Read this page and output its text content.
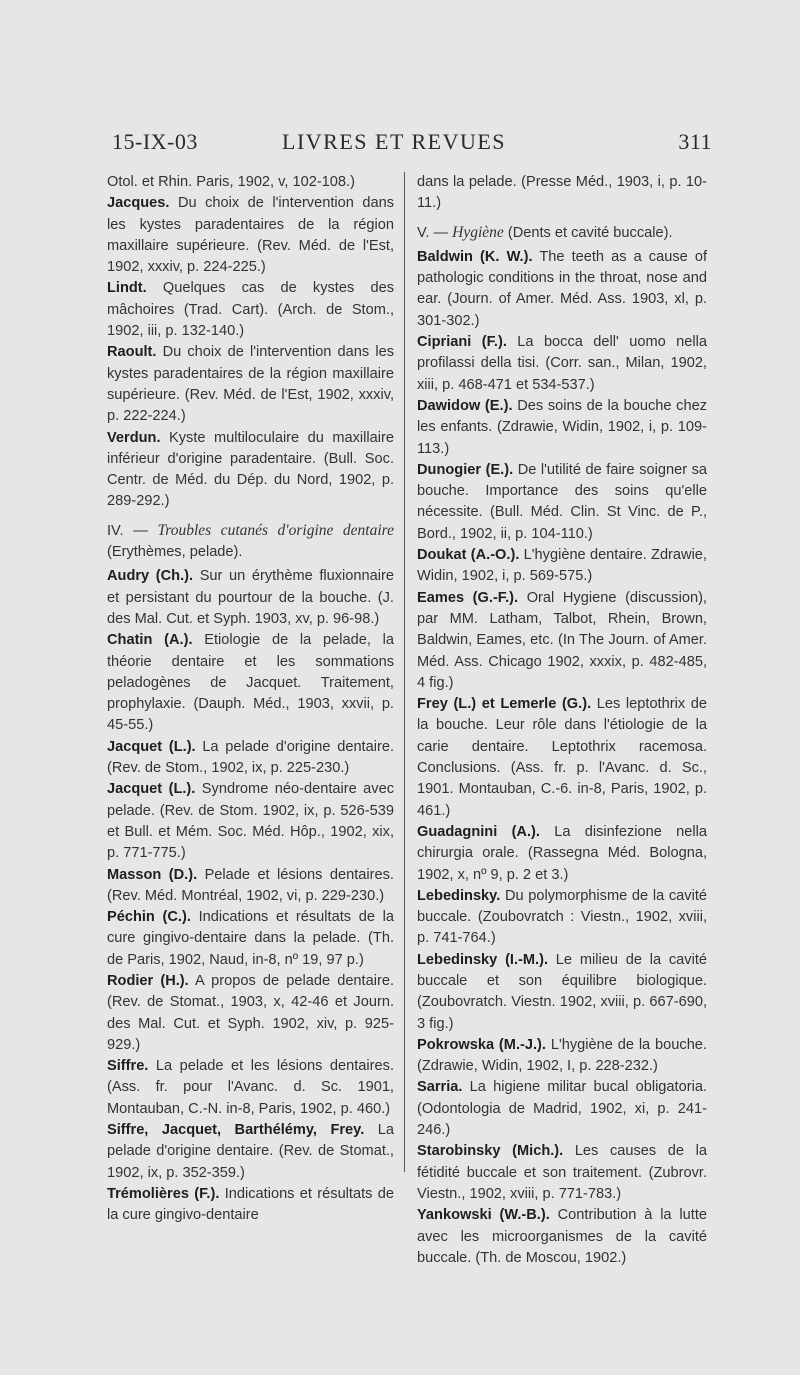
15-IX-03	LIVRES ET REVUES	311
Otol. et Rhin. Paris, 1902, v, 102-108.)
Jacques. Du choix de l'intervention dans les kystes paradentaires de la région maxillaire supérieure. (Rev. Méd. de l'Est, 1902, xxxiv, p. 224-225.)
Lindt. Quelques cas de kystes des mâchoires (Trad. Cart). (Arch. de Stom., 1902, iii, p. 132-140.)
Raoult. Du choix de l'intervention dans les kystes paradentaires de la région maxillaire supérieure. (Rev. Méd. de l'Est, 1902, xxxiv, p. 222-224.)
Verdun. Kyste multiloculaire du maxillaire inférieur d'origine paradentaire. (Bull. Soc. Centr. de Méd. du Dép. du Nord, 1902, p. 289-292.)
IV. — Troubles cutanés d'origine dentaire (Erythèmes, pelade).
Audry (Ch.). Sur un érythème fluxionnaire et persistant du pourtour de la bouche. (J. des Mal. Cut. et Syph. 1903, xv, p. 96-98.)
Chatin (A.). Etiologie de la pelade, la théorie dentaire et les sommations peladogènes de Jacquet. Traitement, prophylaxie. (Dauph. Méd., 1903, xxvii, p. 45-55.)
Jacquet (L.). La pelade d'origine dentaire. (Rev. de Stom., 1902, ix, p. 225-230.)
Jacquet (L.). Syndrome néo-dentaire avec pelade. (Rev. de Stom. 1902, ix, p. 526-539 et Bull. et Mém. Soc. Méd. Hôp., 1902, xix, p. 771-775.)
Masson (D.). Pelade et lésions dentaires. (Rev. Méd. Montréal, 1902, vi, p. 229-230.)
Péchin (C.). Indications et résultats de la cure gingivo-dentaire dans la pelade. (Th. de Paris, 1902, Naud, in-8, nº 19, 97 p.)
Rodier (H.). A propos de pelade dentaire. (Rev. de Stomat., 1903, x, 42-46 et Journ. des Mal. Cut. et Syph. 1902, xiv, p. 925-929.)
Siffre. La pelade et les lésions dentaires. (Ass. fr. pour l'Avanc. d. Sc. 1901, Montauban, C.-N. in-8, Paris, 1902, p. 460.)
Siffre, Jacquet, Barthélémy, Frey. La pelade d'origine dentaire. (Rev. de Stomat., 1902, ix, p. 352-359.)
Trémolières (F.). Indications et résultats de la cure gingivo-dentaire
dans la pelade. (Presse Méd., 1903, i, p. 10-11.)
V. — Hygiène (Dents et cavité buccale).
Baldwin (K. W.). The teeth as a cause of pathologic conditions in the throat, nose and ear. (Journ. of Amer. Méd. Ass. 1903, xl, p. 301-302.)
Cipriani (F.). La bocca dell' uomo nella profilassi della tisi. (Corr. san., Milan, 1902, xiii, p. 468-471 et 534-537.)
Dawidow (E.). Des soins de la bouche chez les enfants. (Zdrawie, Widin, 1902, i, p. 109-113.)
Dunogier (E.). De l'utilité de faire soigner sa bouche. Importance des soins qu'elle nécessite. (Bull. Méd. Clin. St Vinc. de P., Bord., 1902, ii, p. 104-110.)
Doukat (A.-O.). L'hygiène dentaire. Zdrawie, Widin, 1902, i, p. 569-575.)
Eames (G.-F.). Oral Hygiene (discussion), par MM. Latham, Talbot, Rhein, Brown, Baldwin, Eames, etc. (In The Journ. of Amer. Méd. Ass. Chicago 1902, xxxix, p. 482-485, 4 fig.)
Frey (L.) et Lemerle (G.). Les leptothrix de la bouche. Leur rôle dans l'étiologie de la carie dentaire. Leptothrix racemosa. Conclusions. (Ass. fr. p. l'Avanc. d. Sc., 1901. Montauban, C.-6. in-8, Paris, 1902, p. 461.)
Guadagnini (A.). La disinfezione nella chirurgia orale. (Rassegna Méd. Bologna, 1902, x, nº 9, p. 2 et 3.)
Lebedinsky. Du polymorphisme de la cavité buccale. (Zoubovratch : Viestn., 1902, xviii, p. 741-764.)
Lebedinsky (I.-M.). Le milieu de la cavité buccale et son équilibre biologique. (Zoubovratch. Viestn. 1902, xviii, p. 667-690, 3 fig.)
Pokrowska (M.-J.). L'hygiène de la bouche. (Zdrawie, Widin, 1902, I, p. 228-232.)
Sarria. La higiene militar bucal obligatoria. (Odontologia de Madrid, 1902, xi, p. 241-246.)
Starobinsky (Mich.). Les causes de la fétidité buccale et son traitement. (Zubrovr. Viestn., 1902, xviii, p. 771-783.)
Yankowski (W.-B.). Contribution à la lutte avec les microorganismes de la cavité buccale. (Th. de Moscou, 1902.)
